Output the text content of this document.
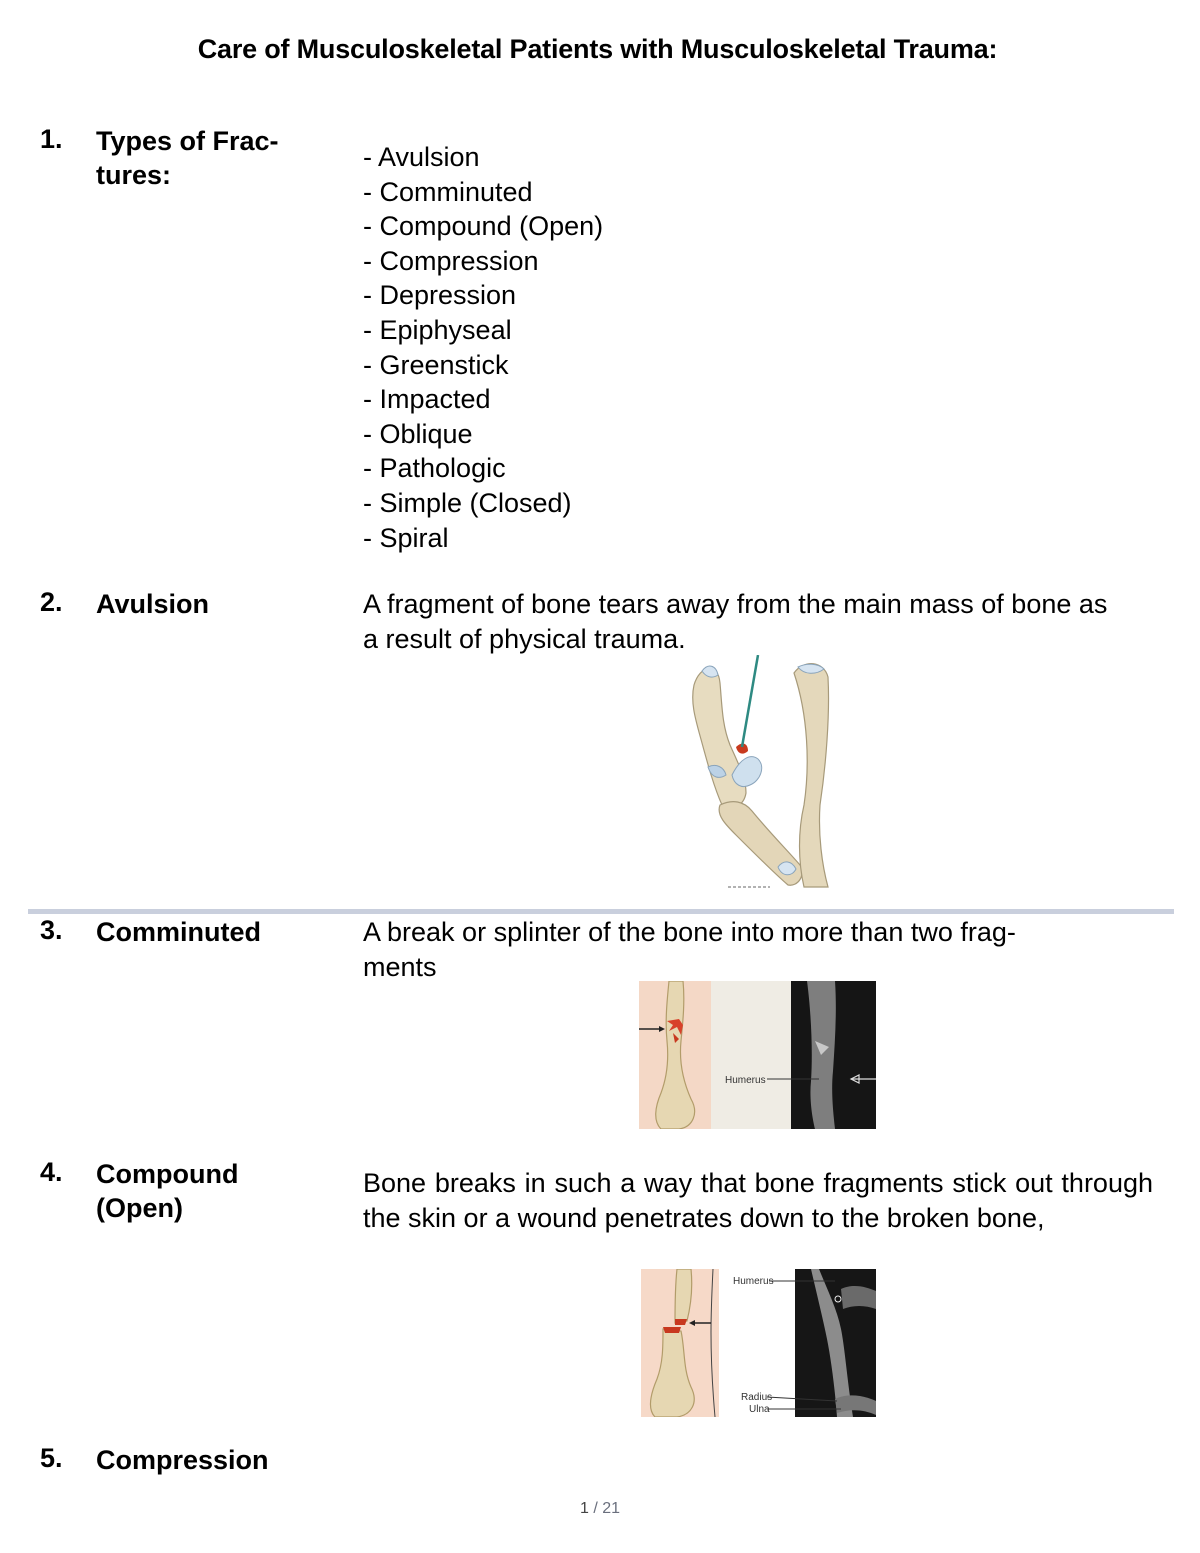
Care of Musculoskeletal Patients with Musculoskeletal Trauma:
1. Types of Frac- tures:
- Avulsion
- Comminuted
- Compound (Open)
- Compression
- Depression
- Epiphyseal
- Greenstick
- Impacted
- Oblique
- Pathologic
- Simple (Closed)
- Spiral
2. Avulsion	A fragment of bone tears away from the main mass of bone as a result of physical trauma.
3. Comminuted	A break or splinter of the bone into more than two frag- ments
Humerus
4. Compound (Open)
Bone breaks in such a way that bone fragments stick out through the skin or a wound penetrates down to the broken bone,
Humerus
Radius
Ulna
5. Compression
1 / 21
